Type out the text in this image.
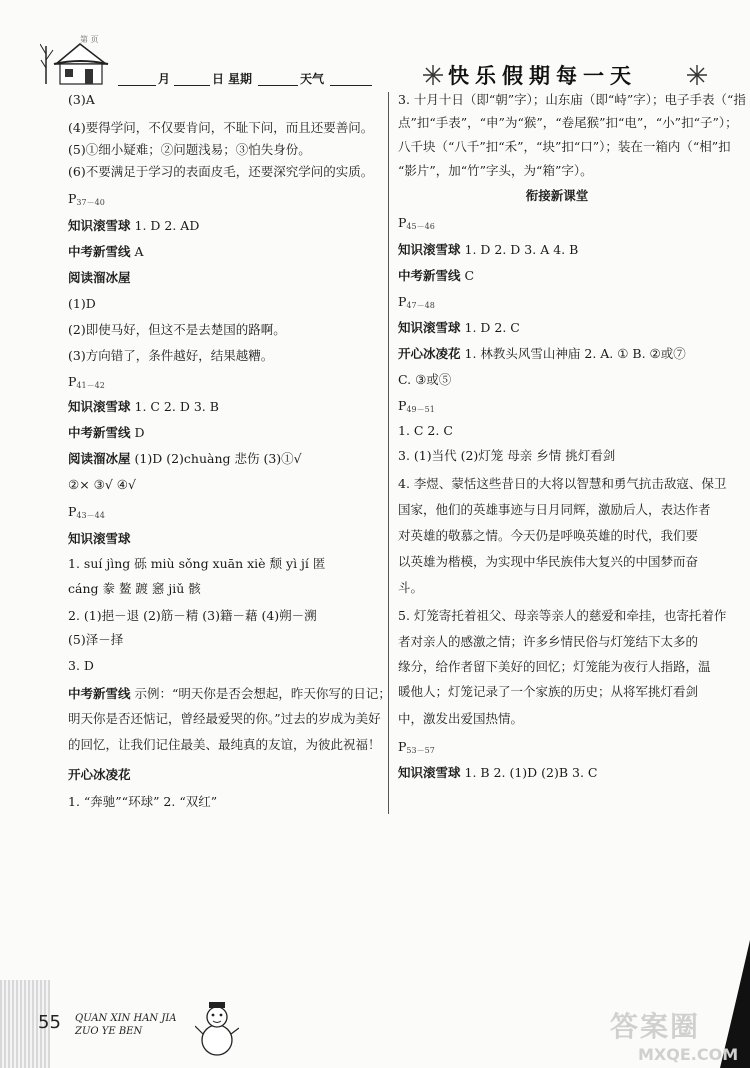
第 页
月	日 星期	天气	快乐假期每一天
(3)A
(4)要得学问，不仅要肯问，不耻下问，而且还要善问。
(5)①细小疑难；②问题浅易；③怕失身份。
(6)不要满足于学习的表面皮毛，还要深究学问的实质。
$P_{37-40}$
知识滚雪球 1. D 2. AD
中考新雪线 A
阅读溜冰屋
(1)D
(2)即使马好，但这不是去楚国的路啊。
(3)方向错了，条件越好，结果越糟。
$P_{41-42}$
知识滚雪球 1. C 2. D 3. B
中考新雪线 D
阅读溜冰屋 (1)D (2)chuàng 悲伤 (3)①√
②× ③√ ④√
$P_{43-44}$
知识滚雪球
1. suí jìng 砾 miù sǒng xuān xiè 颓 yì jí 匿
cáng 豢 鳌 踱 窸 jiǔ 骸
2. (1)挹－退 (2)筋－精 (3)籍－藉 (4)朔－溯
(5)泽－择
3. D
中考新雪线 示例：“明天你是否会想起，昨天你写的日记；
明天你是否还惦记，曾经最爱哭的你。”过去的岁成为美好
的回忆，让我们记住最美、最纯真的友谊，为彼此祝福！
开心冰凌花
1. “奔驰”“环球” 2. “双红”
3. 十月十日（即“朝”字）；山东庙（即“峙”字）；电子手表（“指
点”扣“手表”，“申”为“猴”，“卷尾猴”扣“电”，“小”扣“子”）；
八千块（“八千”扣“禾”，“块”扣“口”）；装在一箱内（“相”扣
“影片”，加“竹”字头，为“箱”字）。
衔接新课堂
$P_{45-46}$
知识滚雪球 1. D 2. D 3. A 4. B
中考新雪线 C
$P_{47-48}$
知识滚雪球 1. D 2. C
开心冰凌花 1. 林教头风雪山神庙 2. A. ① B. ②或⑦
C. ③或⑤
$P_{49-51}$
1. C 2. C
3. (1)当代 (2)灯笼 母亲 乡情 挑灯看剑
4. 李煜、蒙恬这些昔日的大将以智慧和勇气抗击敌寇、保卫
国家，他们的英雄事迹与日月同辉，激励后人，表达作者
对英雄的敬慕之情。今天仍是呼唤英雄的时代，我们要
以英雄为楷模，为实现中华民族伟大复兴的中国梦而奋
斗。
5. 灯笼寄托着祖父、母亲等亲人的慈爱和牵挂，也寄托着作
者对亲人的感激之情；许多乡情民俗与灯笼结下太多的
缘分，给作者留下美好的回忆；灯笼能为夜行人指路，温
暖他人；灯笼记录了一个家族的历史；从将军挑灯看剑
中，激发出爱国热情。
$P_{53-57}$
知识滚雪球 1. B 2. (1)D (2)B 3. C
55 QUAN XIN HAN JIA
ZUO YE BEN	答案圈
MXQE.COM
